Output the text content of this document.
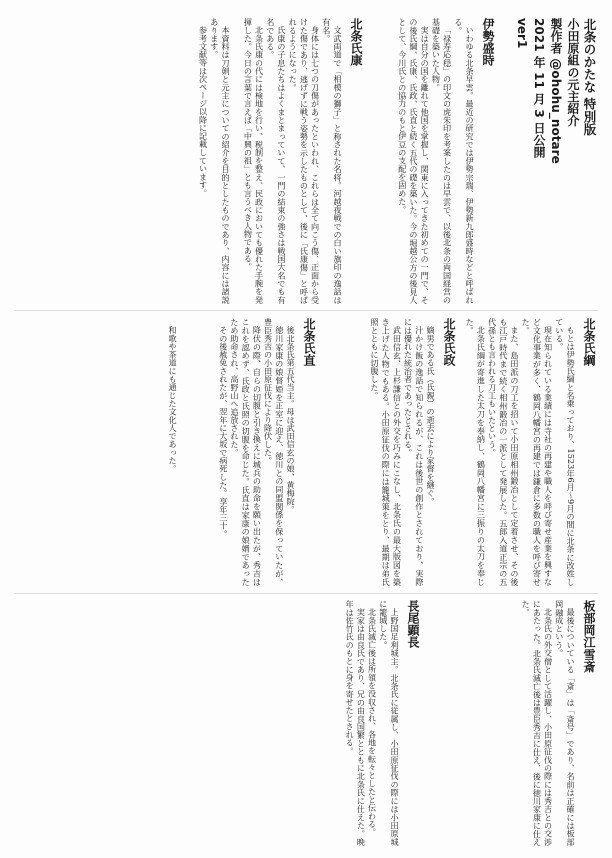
北条のかたな 特別版
小田原組の元主紹介
製作者 @ohohu_notare
2021 年 11 月 3 日公開
ver1
伊勢盛時

いわゆる北条早雲。最近の研究では伊勢宗瑞、伊勢新九郎盛時などと呼ばれる。

「禄寿応穏」の印文の虎朱印を考案したのは早雲で、以後北条の両国経営の基礎を築いた人物。

実は自分の国を離れて他国を掌握し、関東に入ってきた初めての一門で、その後氏綱、氏康、氏政、氏直と続く五代の礎を築いた。今の堀越公方の後見人として、今川氏との協力のもと伊豆の支配を固めた。

北条氏康

文武両道で「相模の獅子」と称された名将。河越夜戦での白い旗印の逸話は有名。

身体には七つの刀傷があったといわれ、これらは全て向こう傷、正面から受けた傷であり、逃げずに戦う姿勢を示したものとして、後に「氏康傷」と呼ばれるようになった。

氏康の子息たちはよくまとまっていて、一門の結束の強さは戦国大名でも有名である。

北条氏康の代には検地を行い、税制を整え、民政においても優れた手腕を発揮した。今日の言葉で言えば「中興の祖」とも言うべき人物である。

本資料は刀剣と元主についての紹介を目的としたものであり、内容には諸説あります。

参考文献等は次ページ以降に記載しています。

北条氏綱

もとは伊勢氏綱と名乗っており、1523年6月～9月の間に北条に改姓している。

現在知られている業績には寺社の再建や職人を呼び寄せ産業を興すなど文化事業が多く、鶴岡八幡宮の再建では鎌倉に多数の職人を呼び寄せた。

また、島田派の刀工を招いて小田原相州鍛冶として定着させ、その後も江戸時代まで続く相州鍛冶の一派として発展した。五郎入道正宗の五代孫とも言われる刀工もいたという。

北条氏綱が寄進した太刀を奉納し、鶴岡八幡宮に三振りの太刀を奉じた。

北条氏政

嫡男である氏（氏親）の逝去により家督を継ぐ。

汁かけ飯の逸話で知られるが、これは後世の創作とされており、実際には優れた統治者であったとされる。

武田信玄、上杉謙信との外交を巧みにこなし、北条氏の最大版図を築き上げた人物でもある。小田原征伐の際には籠城策をとり、最期は弟氏照とともに切腹した。

北条氏直

後北条氏第五代当主。母は武田信玄の娘、黄梅院。

徳川家康の娘督姫を正室に迎え、徳川との同盟関係を保っていたが、豊臣秀吉の小田原征伐により降伏した。

降伏の際、自らの切腹と引き換えに城兵の助命を願い出たが、秀吉はこれを認めず、氏政と氏照の切腹を命じた。氏直は家康の娘婿であったため助命され、高野山へ追放された。

その後赦免されたが、翌年に大坂で病死した。享年三十。

和歌や茶道にも通じた文化人であった。

板部岡江雪斎

最後についている「斎」は「斎号」であり、名前は正確には板部岡融成という。

北条氏の外交僧として活躍し、小田原征伐の際には秀吉との交渉にあたった。北条氏滅亡後は豊臣秀吉に仕え、後に徳川家康に仕えた。

長尾顕長

上野国足利城主。北条氏に従属し、小田原征伐の際には小田原城に籠城した。

北条氏滅亡後は所領を没収され、各地を転々としたと伝わる。

実家は由良氏であり、兄の由良国繁とともに北条氏に仕えた。晩年は佐竹氏のもとに身を寄せたとされる。
